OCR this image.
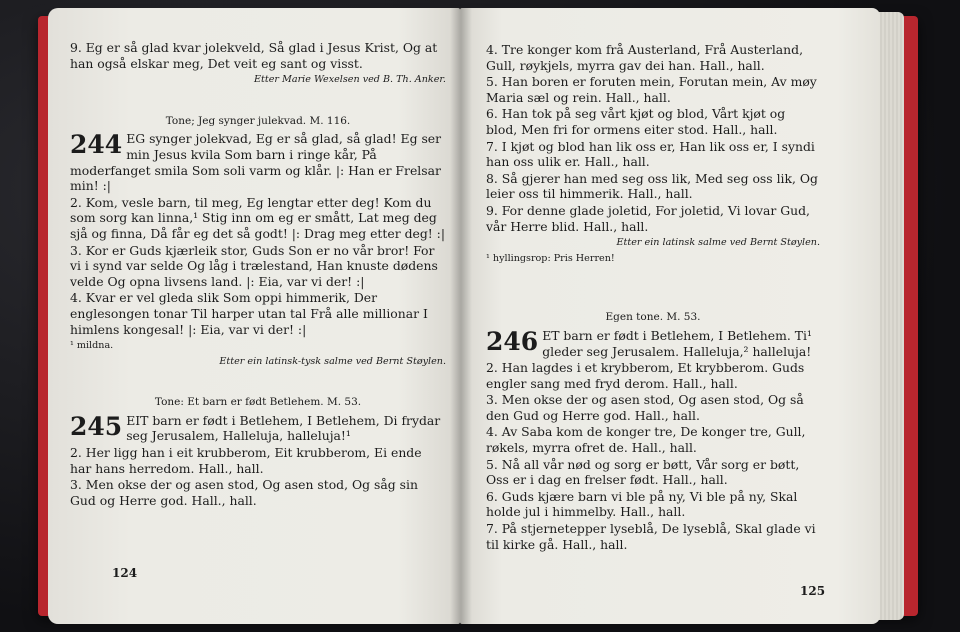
9. Eg er så glad kvar jolekveld, Så glad i Jesus Krist, Og at han også elskar meg, Det veit eg sant og visst.

Etter Marie Wexelsen ved B. Th. Anker.

Tone; Jeg synger julekvad. M. 116.

244 EG synger jolekvad, Eg er så glad, så glad! Eg ser min Jesus kvila Som barn i ringe kår, På moderfanget smila Som soli varm og klår. |: Han er Frelsar min! :|

2. Kom, vesle barn, til meg, Eg lengtar etter deg! Kom du som sorg kan linna,¹ Stig inn om eg er smått, Lat meg deg sjå og finna, Då får eg det så godt! |: Drag meg etter deg! :|

3. Kor er Guds kjærleik stor, Guds Son er no vår bror! For vi i synd var selde Og låg i trælestand, Han knuste dødens velde Og opna livsens land. |: Eia, var vi der! :|

4. Kvar er vel gleda slik Som oppi himmerik, Der englesongen tonar Til harper utan tal Frå alle millionar I himlens kongesal! |: Eia, var vi der! :|

¹ mildna.

Etter ein latinsk-tysk salme ved Bernt Støylen.

Tone: Et barn er født Betlehem. M. 53.

245 EIT barn er født i Betlehem, I Betlehem, Di frydar seg Jerusalem, Halleluja, halleluja!¹

2. Her ligg han i eit krubberom, Eit krubberom, Ei ende har hans herredom. Hall., hall.

3. Men okse der og asen stod, Og asen stod, Og såg sin Gud og Herre god. Hall., hall.

124

4. Tre konger kom frå Austerland, Frå Austerland, Gull, røykjels, myrra gav dei han. Hall., hall.

5. Han boren er foruten mein, Forutan mein, Av møy Maria sæl og rein. Hall., hall.

6. Han tok på seg vårt kjøt og blod, Vårt kjøt og blod, Men fri for ormens eiter stod. Hall., hall.

7. I kjøt og blod han lik oss er, Han lik oss er, I syndi han oss ulik er. Hall., hall.

8. Så gjerer han med seg oss lik, Med seg oss lik, Og leier oss til himmerik. Hall., hall.

9. For denne glade joletid, For joletid, Vi lovar Gud, vår Herre blid. Hall., hall.

Etter ein latinsk salme ved Bernt Støylen.

¹ hyllingsrop: Pris Herren!

Egen tone. M. 53.

246 ET barn er født i Betlehem, I Betlehem. Ti¹ gleder seg Jerusalem. Halleluja,² halleluja!

2. Han lagdes i et krybberom, Et krybberom. Guds engler sang med fryd derom. Hall., hall.

3. Men okse der og asen stod, Og asen stod, Og så den Gud og Herre god. Hall., hall.

4. Av Saba kom de konger tre, De konger tre, Gull, røkels, myrra ofret de. Hall., hall.

5. Nå all vår nød og sorg er bøtt, Vår sorg er bøtt, Oss er i dag en frelser født. Hall., hall.

6. Guds kjære barn vi ble på ny, Vi ble på ny, Skal holde jul i himmelby. Hall., hall.

7. På stjernetepper lyseblå, De lyseblå, Skal glade vi til kirke gå. Hall., hall.

125
